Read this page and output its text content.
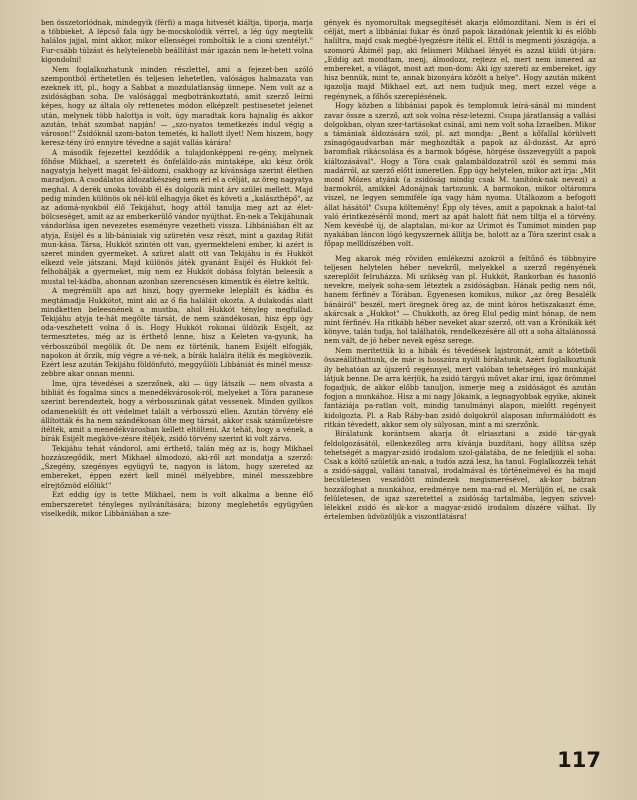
ben összetorlódnak, mindegyik (férfi) a maga hitvesét kiáltja, tiporja, marja a többieket. A lépcső fala úgy be-mocskolódik vérrel, a lég úgy megtelik halálos jajjal, mint akkor, mikor ellenségei rombolták le a cioni szentélyt." Fur-csább túlzást és helytelenebb beállítást már igazán nem le-hetett volna kigondolni!

Nem foglalkozhatunk minden részlettel, ami a fejezet-ben szóló szempontból érthetetlen és teljesen lehetetlen, valóságos halmazata van ezeknek itt, pl., hogy a Sabbat a mozdulatlanság ünnepe. Nem volt az a zsidóságban soha. De valósággal megbotránkoztató, amit szerző leírni képes, hogy az általa oly rettenetes módon elképzelt pestisesetet jelenet után, melynek több halottja is volt, úgy maradtak kora hajnalig és akkor azután, tehát szombat napján! — „szo-nyatos temetkezés indul végig a városon!" Zsidóknál szom-baton temetés, ki hallott ilyet! Nem hiszem, hogy keresz-tény író ennyire tévedne a saját vallás kárára!

A második fejezettel kezdődik a tulajdonképpeni re-gény, melynek főhőse Mikhael, a szeretett és önfeláldo-zás mintaképe, aki kész örök nagyatyja helyett magát fel-áldozni, csakhogy az kívánsága szerint élethen maradjon. A csodálatos áldozatkészség nem éri el a célját, az öreg nagyatya meghal. A derék unoka tovább él és dolgozik mint árv szülei mellett. Majd pedig minden különös ok nél-kül elhagyja őket és követi a „kalászthépő", az az adomá-nyokból élő Tekijáhut, hogy attól tanulja meg azt az élet-bölcseséget, amit az az emberkerülő vándor nyújthat. En-nek a Tekijáhunak vándorlása igen nevezetes eseményre vezetheti vissza. Libbániában élt az atyja, Esijél és a lib-bániaiak vig szüretén vesz részt, mint a gazdag Rifát mun-kása. Társa, Hukkót szintén ott van, gyermekteleni ember, ki azért is szeret minden gyermeket. A szüret alatt ott van Tekijáhu is és Hukkót elkezd vele játszani. Majd különös játék gyanánt Esijél és Hukkót fel-felhobálják a gyermeket, míg nem ez Hukkót dobása folytán beleesik a mustal tel-kádba, ahonnan azonban szerencsésen kimentik és életre keltik.

A megrémült apa azt hiszi, hogy gyermeke leleplált és kádba és megtámadja Hukkótot, mint aki az ő fia haláláit okozta. A dulakodás alatt mindketten beleesnének a mustba, ahol Hukkót tényleg megfullad. Tekijáhu atyja te-hát megölte társát, de nem szándékosan, hisz épp úgy oda-veszhetett volna ő is. Hogy Hukkót rokonai üldözik Esijélt, az termesztetes, még az is érthető lenne, hisz a Keleten va-gyunk, ha vérbosszúból megölik őt. De nem ez történik, hanem Esijélt elfogják, napokon át őrzik, míg végre a vé-nek, a bírák halálra ítélik és megkövezik. Ezért lesz azután Tekijáhu földönfutó, meggyűlöli Libbániát és minél messz-zebbre akar onnan menni.

Ime, újra tévedései a szerzőnek, aki — úgy látszik — nem olvasta a bibliát és fogalma sincs a menedékvárosok-ról, melyeket a Tóra paranese szerint berendeztek, hogy a vérbosszúnak gátat vessenek. Minden gyilkos odamenekült és ott védelmet talált a vérbosszú ellen. Azután törvény elé állították és ha nem szándékosan ölte meg társát, akkor csak száműzetésre ítélték, amit a menedékvárosban kellett eltölteni. Az tehát, hogy a vének, a bírák Esijélt megköve-zésre ítéljék, zsidó törvény szerint ki volt zárva.

Tekijáhu tehát vándorol, ami érthető, talán még az is, hogy Mikhael hozzászegődik, mert Mikhael álmodozó, aki-ről azt mondatja a szerző: „Szegény, szegényes együgyű te, nagyon is látom, hogy szereted az embereket, éppen ezért kell minél mélyebbre, minél messzebbre elrejtőznöd előlük!"

Ezt eddig így is tette Mikhael, nem is volt alkalma a benne élő emberszeretet tényleges nyilvánítására; bizony meglehetős együgyűen viselkedik, mikor Libbániában a sze-

gények és nyomorultak megsegítését akarja előmozdítani. Nem is éri el célját, mert a libbániai fukar és önző papok lázadónak jelentik ki és előbb haliltra, majd csak megbé-lyegzésre ítélik el. Ettől is megmenti jószágója, a szomorú Ábimél pap, aki felismeri Mikhael lényét és azzal küldi út-jára: „Eddig azt mondtam, menj, álmodozz, rejtezz el, mert nem ismered az embereket, a világot, most azt mon-dom: Aki így szereti az embereket, így hisz bennük, mint te, annak bizonyára között a helye". Hogy azután miként igazolja majd Mikhael ezt, azt nem tudjuk meg, mert ezzel vége a regénynek, a főhős szereplésének.

Hogy közben a libbániai papok és templomuk leírá-sánál mi mindent zavar össze a szerző, azt sok volna rész-letezni. Csupa járatlanság a vallási dolgokban, olyan szer-tartásokat csinál, ami nem volt soha Izraelben. Mikor a támániak áldozására szól, pl. azt mondja: „Bent a kőfallal körülvett zsinagógaudvarban már meghozdták a papok az ál-dozást. Az apró baromfiak rikácsolása és a barmok bőgése, hörgése összevegyült a papok kiáltozásával". Hogy a Tóra csak galambáldozatról szól és semmi más madárról, az szerző előtt ismeretlen. Épp úgy helytelen, mikor azt írja: „Mit mond Mózes atyánk (a zsidóság mindig csak M. tanítónk-nak nevezi) a barmokról, amikkel Adonájnak tartozunk. A barmokon, mikor oltáromra viszel, ne legyen semmiféle íga vagy hám nyoma. Utálkozom a befogott állat hásától" Csupa költemény! Épp oly téves, amit a papoknak a halot-tal való érintkezéséről mond, mert az apát halott fiát nem tiltja el a törvény. Nem kevésbé új, de alaptalan, mi-kor az Urimot és Tumimot minden pap nyakában láncon lógó kegyszernek állítja be, holott az a Tóra szerint csak a főpap mellldíszében volt.

Meg akarok még röviden emlékezni azokról a feltűnő és többnyire teljesen helytelen héber nevekről, melyekkel a szerző regényének szereplőit felruházza. Mi szükség van pl. Hukkót, Rankorban és hasonló nevekre, melyek soha-sem léteztek a zsidóságban. Hának pedig nem női, hanem férfinév a Tórában. Egyenesen komikus, mikor „az öreg Besalélk bánáiról" beszél, mert öregnek öreg az, de mint kóros hetiszakaszt éme, akárcsak a „Hukkot" — Chukkoth, az öreg Elul pedig mint hónap, de nem mint férfinév. Ha ritkább héber neveket akar szerző, ott van a Krónikák két könyve, talán tudja, hol találhatók, rendelkezésére áll ott a soha általánossá nem vált, de jó héber nevek egész serege.

Nem merítettük ki a hibák és tévedések lajstromát, amit a kötetből összeállíthattunk, de már is hosszúra nyúlt bírálatunk. Azért foglalkoztunk ily behatóan az újszerű regénnyel, mert valóban tehetséges író munkáját látjuk benne. De arra kérjük, ha zsidó tárgyú művet akar írni, igaz örömmel fogadjuk, de akkor előbb tanuljon, ismerje meg a zsidóságot és azután fogjon a munkához. Hisz a mi nagy Jókaink, a legnagyobbak egyike, akinek fantáziája pa-ratlan volt, mindig tanulmányi alapon, mielőtt regényeit kidolgozta. Pl. a Rab Ráby-ban zsidó dolgokról alaposan informálódott és ritkán tévedett, akkor sem oly súlyosan, mint a mi szerzőnk.

Bírálatunk korántsem akarja őt elriasztani a zsidó tár-gyak feldolgozásától, ellenkezőleg arra kívánja buzdítani, hogy állítsa szép tehetségét a magyar-zsidó irodalom szol-gálatába, de ne feledjük el soha: Csak a költő születik an-nak, a tudós azzá lesz, ha tanul. Foglalkozzék tehát a zsidó-sággal, vallási tanaival, irodalmával és történelmével és ha majd becsületesen veszödött mindezek megismerésével, ak-kor bátran hozzáfoghat a munkához, eredménye nem ma-rad el. Merüljön el, ne csak felületesen, de igaz szeretettel a zsidóság tartalmába, legyen szívvel-lélekkel zsidó és ak-kor a magyar-zsidó irodalom díszére válhat. Ily értelemben üdvözöljük a viszontlátásra!

117
